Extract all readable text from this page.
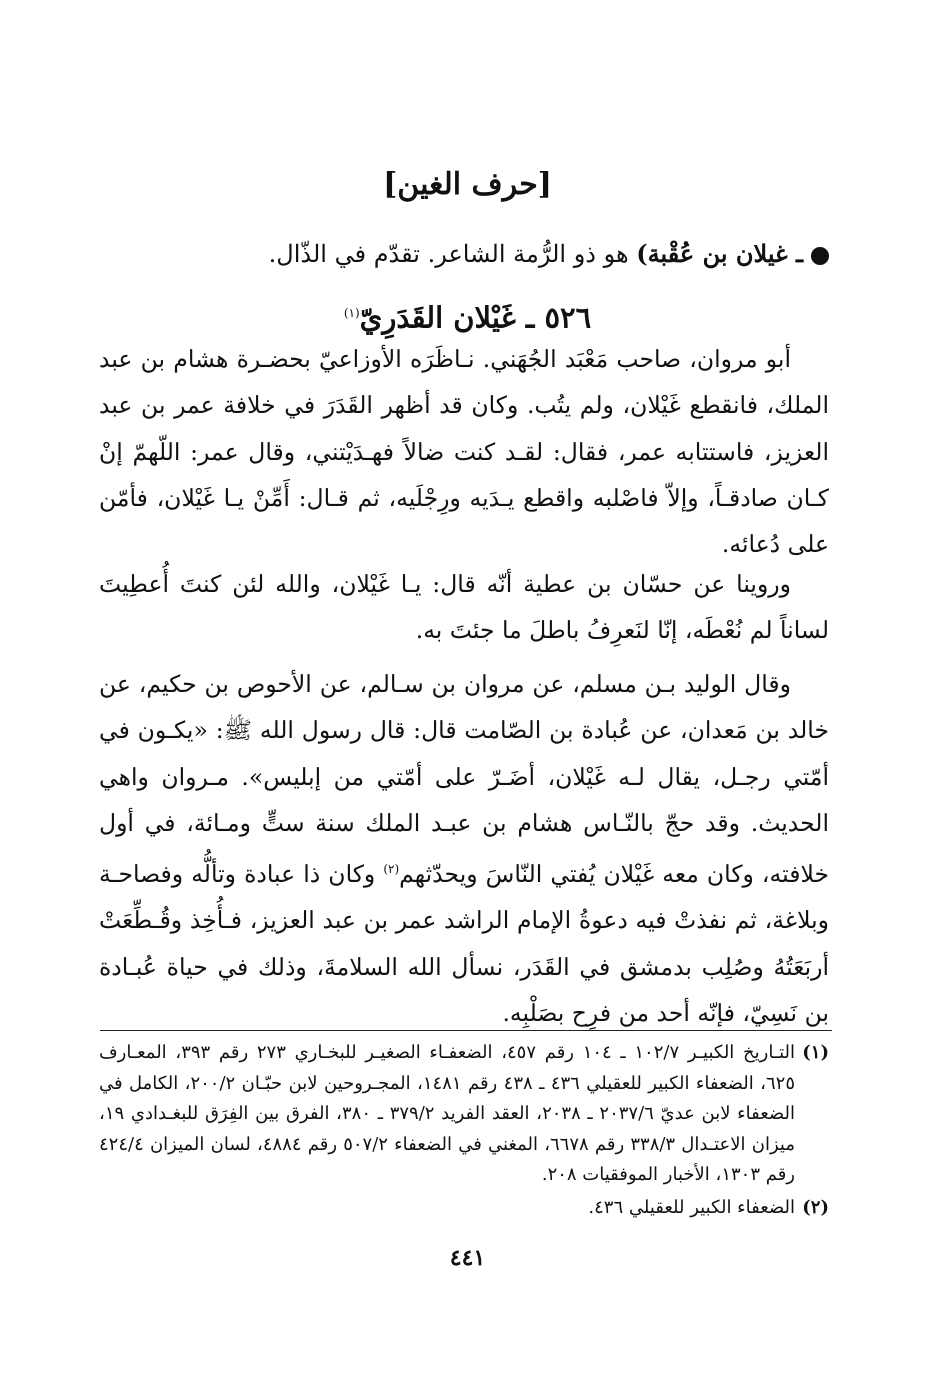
[حرف الغين]
ـ غيلان بن عُقْبة) هو ذو الرُّمة الشاعر. تقدّم في الذّال.
٥٢٦ ـ غَيْلان القَدَرِيّ$^{(١)}$

أبو مروان، صاحب مَعْبَد الجُهَني. نـاظَرَه الأوزاعيّ بحضـرة هشام بن عبد الملك، فانقطع غَيْلان، ولم يتُب. وكان قد أظهر القَدَرَ في خلافة عمر بن عبد العزيز، فاستتابه عمر، فقال: لقـد كنت ضالاً فهـدَيْتني، وقال عمر: اللّهمّ إنْ كـان صادقـاً، وإلاّ فاصْلبه واقطع يـدَيه ورِجْلَيه، ثم قـال: أَمِّنْ يـا غَيْلان، فأمّن على دُعائه.

وروينا عن حسّان بن عطية أنّه قال: يـا غَيْلان، والله لئن كنتَ أُعطِيتَ لساناً لم نُعْطَه، إنّا لنَعرِفُ باطلَ ما جئتَ به.

وقال الوليد بـن مسلم، عن مروان بن سـالم، عن الأحوص بن حكيم، عن خالد بن مَعدان، عن عُبادة بن الصّامت قال: قال رسول الله ﷺ: «يكـون في أمّتي رجـل، يقال لـه غَيْلان، أضَـرّ على أمّتي من إبليس». مـروان واهي الحديث. وقد حجّ بالنّـاس هشام بن عبـد الملك سنة ستٍّ ومـائة، في أول خلافته، وكان معه غَيْلان يُفتي النّاسَ ويحدّثهم$^{(٢)}$ وكان ذا عبادة وتألُّه وفصاحـة وبلاغة، ثم نفذتْ فيه دعوةُ الإمام الراشد عمر بن عبد العزيز، فـأُخِذ وقُـطِّعَتْ أربَعَتُهُ وصُلِب بدمشق في القَدَر، نسأل الله السلامةَ، وذلك في حياة عُبـادة بن نَسِيّ، فإنّه أحد من فرِح بصَلْبِه.

(١)
التـاريخ الكبيـر ١٠٢/٧ ـ ١٠٤ رقم ٤٥٧، الضعفـاء الصغيـر للبخـاري ٢٧٣ رقم ٣٩٣، المعـارف ٦٢٥، الضعفاء الكبير للعقيلي ٤٣٦ ـ ٤٣٨ رقم ١٤٨١، المجـروحين لابن حبّـان ٢٠٠/٢، الكامل في الضعفاء لابن عديّ ٢٠٣٧/٦ ـ ٢٠٣٨، العقد الفريد ٣٧٩/٢ ـ ٣٨٠، الفرق بين الفِرَق للبغـدادي ١٩، ميزان الاعتـدال ٣٣٨/٣ رقم ٦٦٧٨، المغني في الضعفاء ٥٠٧/٢ رقم ٤٨٨٤، لسان الميزان ٤٢٤/٤ رقم ١٣٠٣، الأخبار الموفقيات ٢٠٨.
(٢)
الضعفاء الكبير للعقيلي ٤٣٦.
٤٤١
